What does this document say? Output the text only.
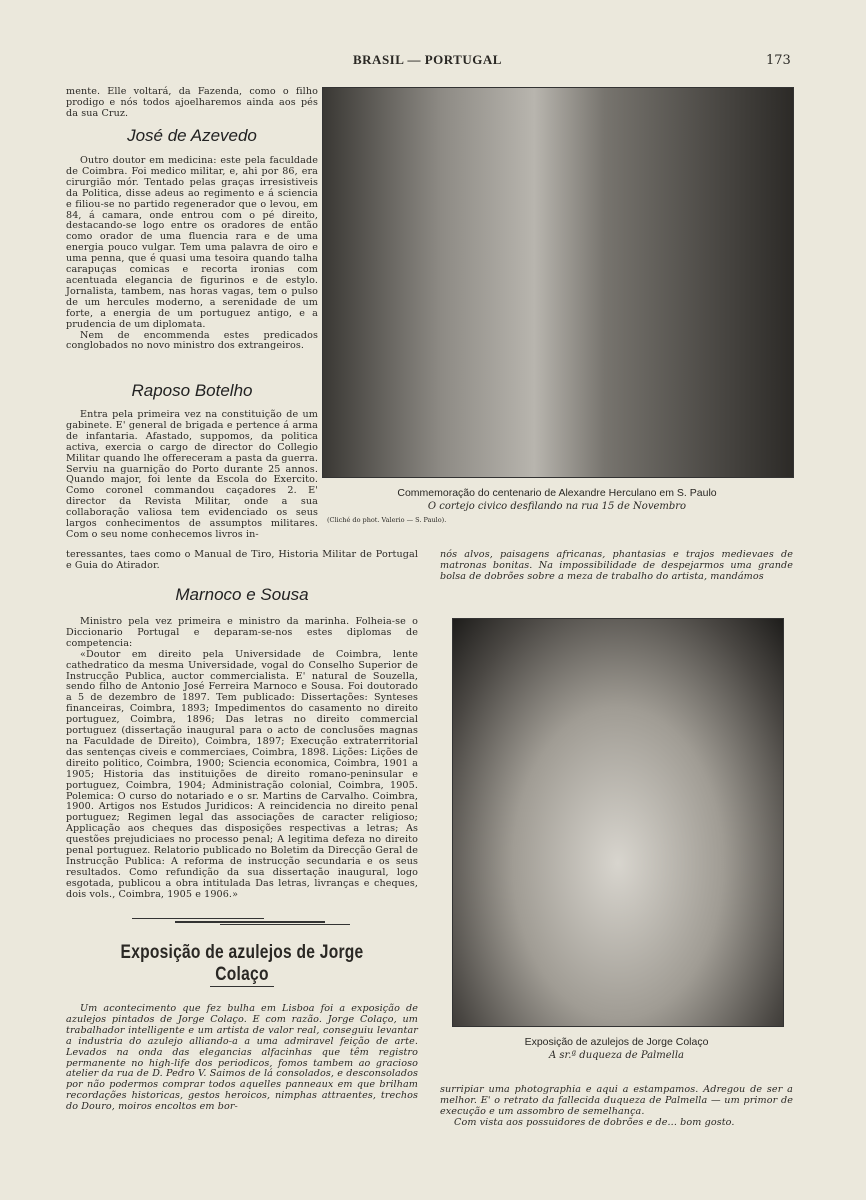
BRASIL — PORTUGAL	173

mente. Elle voltará, da Fazenda, como o filho prodigo e nós todos ajoelharemos ainda aos pés da sua Cruz.

José de Azevedo

Outro doutor em medicina: este pela faculdade de Coimbra. Foi medico militar, e, ahi por 86, era cirurgião mór. Tentado pelas graças irresistiveis da Politica, disse adeus ao regimento e á sciencia e filiou-se no partido regenerador que o levou, em 84, á camara, onde entrou com o pé direito, destacando-se logo entre os oradores de então como orador de uma fluencia rara e de uma energia pouco vulgar. Tem uma palavra de oiro e uma penna, que é quasi uma tesoira quando talha carapuças comicas e recorta ironias com acentuada elegancia de figurinos e de estylo. Jornalista, tambem, nas horas vagas, tem o pulso de um hercules moderno, a serenidade de um forte, a energia de um portuguez antigo, e a prudencia de um diplomata.

Nem de encommenda estes predicados conglobados no novo ministro dos extrangeiros.

Raposo Botelho

Entra pela primeira vez na constituição de um gabinete. E' general de brigada e pertence á arma de infantaria. Afastado, suppomos, da politica activa, exercia o cargo de director do Collegio Militar quando lhe offereceram a pasta da guerra. Serviu na guarnição do Porto durante 25 annos. Quando major, foi lente da Escola do Exercito. Como coronel commandou caçadores 2. E' director da Revista Militar, onde a sua collaboração valiosa tem evidenciado os seus largos conhecimentos de assumptos militares. Com o seu nome conhecemos livros in-

teressantes, taes como o Manual de Tiro, Historia Militar de Portugal e Guia do Atirador.

Commemoração do centenario de Alexandre Herculano em S. Paulo
O cortejo civico desfilando na rua 15 de Novembro
(Cliché do phot. Valerio — S. Paulo).

nós alvos, paisagens africanas, phantasias e trajos medievaes de matronas bonitas. Na impossibilidade de despejarmos uma grande bolsa de dobrões sobre a meza de trabalho do artista, mandámos

Marnoco e Sousa

Ministro pela vez primeira e ministro da marinha. Folheia-se o Diccionario Portugal e deparam-se-nos estes diplomas de competencia:

«Doutor em direito pela Universidade de Coimbra, lente cathedratico da mesma Universidade, vogal do Conselho Superior de Instrucção Publica, auctor commercialista. E' natural de Souzella, sendo filho de Antonio José Ferreira Marnoco e Sousa. Foi doutorado a 5 de dezembro de 1897. Tem publicado: Dissertações: Synteses financeiras, Coimbra, 1893; Impedimentos do casamento no direito portuguez, Coimbra, 1896; Das letras no direito commercial portuguez (dissertação inaugural para o acto de conclusões magnas na Faculdade de Direito), Coimbra, 1897; Execução extraterritorial das sentenças civeis e commerciaes, Coimbra, 1898. Lições: Lições de direito politico, Coimbra, 1900; Sciencia economica, Coimbra, 1901 a 1905; Historia das instituições de direito romano-peninsular e portuguez, Coimbra, 1904; Administração colonial, Coimbra, 1905. Polemica: O curso do notariado e o sr. Martins de Carvalho. Coimbra, 1900. Artigos nos Estudos Juridicos: A reincidencia no direito penal portuguez; Regimen legal das associações de caracter religioso; Applicação aos cheques das disposições respectivas a letras; As questões prejudiciaes no processo penal; A legitima defeza no direito penal portuguez. Relatorio publicado no Boletim da Direcção Geral de Instrucção Publica: A reforma de instrucção secundaria e os seus resultados. Como refundição da sua dissertação inaugural, logo esgotada, publicou a obra intitulada Das letras, livranças e cheques, dois vols., Coimbra, 1905 e 1906.»

Exposição de azulejos de Jorge Colaço

Um acontecimento que fez bulha em Lisboa foi a exposição de azulejos pintados de Jorge Colaço. E com razão. Jorge Colaço, um trabalhador intelligente e um artista de valor real, conseguiu levantar a industria do azulejo alliando-a a uma admiravel feição de arte. Levados na onda das elegancias alfacinhas que têm registro permanente no high-life dos periodicos, fomos tambem ao gracioso atelier da rua de D. Pedro V. Saimos de lá consolados, e desconsolados por não podermos comprar todos aquelles panneaux em que brilham recordações historicas, gestos heroicos, nimphas attraentes, trechos do Douro, moiros encoltos em bor-

Exposição de azulejos de Jorge Colaço
A sr.ª duqueza de Palmella

surripiar uma photographia e aqui a estampamos. Adregou de ser a melhor. E' o retrato da fallecida duqueza de Palmella — um primor de execução e um assombro de semelhança.

Com vista aos possuidores de dobrões e de... bom gosto.
